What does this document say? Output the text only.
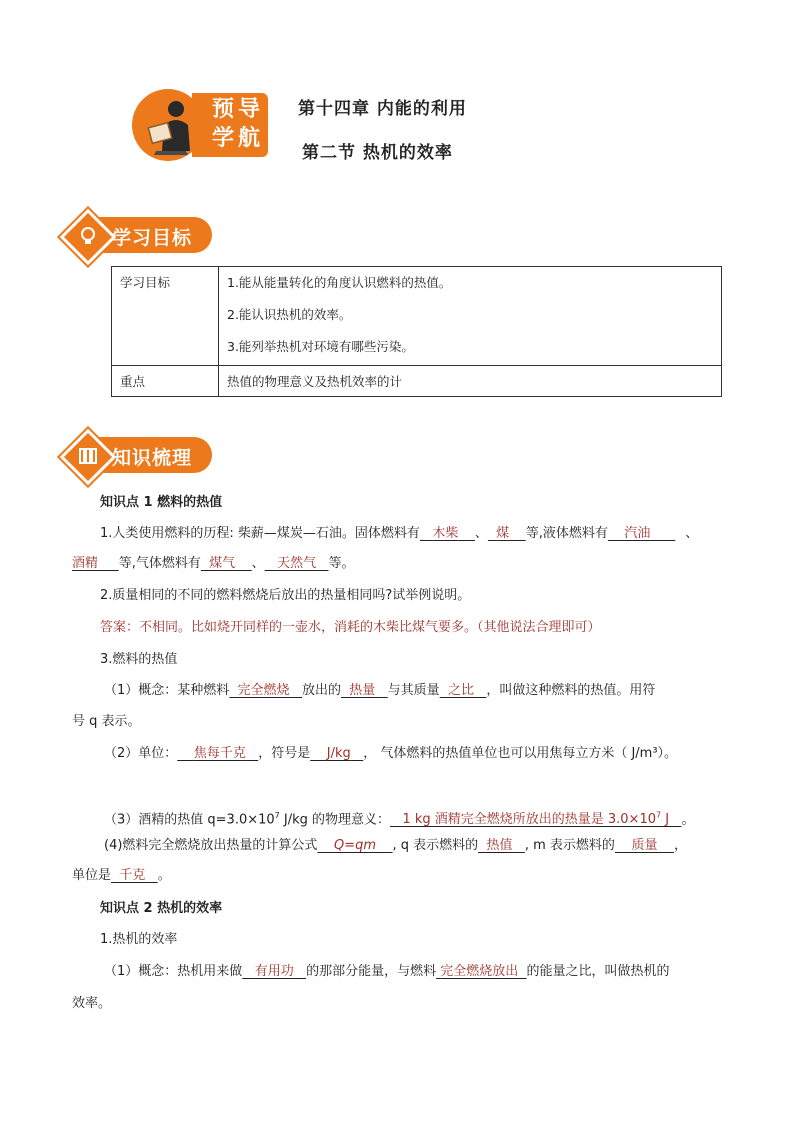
预导
学航
第十四章 内能的利用
第二节 热机的效率
学习目标
学习目标	1.能从能量转化的角度认识燃料的热值。

2.能认识热机的效率。

3.能列举热机对环境有哪些污染。

重点	热值的物理意义及热机效率的计
知识梳理
知识点 1 燃料的热值
1.人类使用燃料的历程: 柴薪—煤炭—石油。固体燃料有 木柴 、 煤 等,液体燃料有 汽油	、
酒精 等,气体燃料有 煤气 、 天然气 等。
2.质量相同的不同的燃料燃烧后放出的热量相同吗?试举例说明。
答案：不相同。比如烧开同样的一壶水，消耗的木柴比煤气要多。（其他说法合理即可）
3.燃料的热值
（1）概念：某种燃料 完全燃烧 放出的 热量 与其质量 之比 ，叫做这种燃料的热值。用符
号 q 表示。
（2）单位： 焦每千克 ，符号是 J/kg ， 气体燃料的热值单位也可以用焦每立方米（ J/m³）。
（3）酒精的热值 $q=3.0\times 10^7$ J/kg 的物理意义： 1 kg 酒精完全燃烧所放出的热量是 $3.0\times 10^7$ J 。
(4)燃料完全燃烧放出热量的计算公式 Q=qm , q 表示燃料的 热值 , m 表示燃料的 质量 ，
单位是 千克 。
知识点 2 热机的效率
1.热机的效率
（1）概念：热机用来做 有用功 的那部分能量，与燃料 完全燃烧放出 的能量之比，叫做热机的
效率。
